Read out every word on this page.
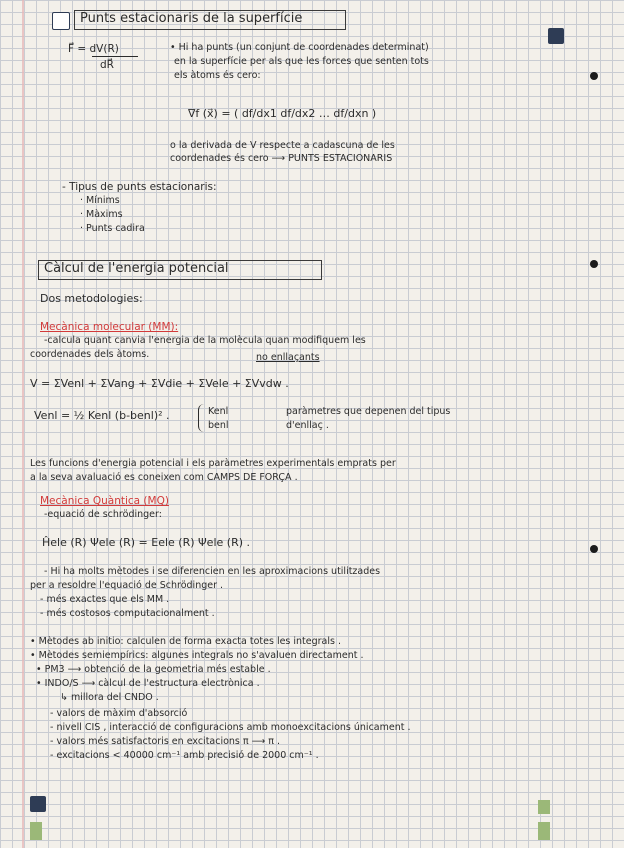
Punts estacionaris de la superfície
F⃗ = dV(R)
dR⃗
• Hi ha punts (un conjunt de coordenades determinat)
en la superfície per als que les forces que senten tots
els àtoms és cero:
∇f (x⃗) = ( df/dx1 df/dx2 … df/dxn )
o la derivada de V respecte a cadascuna de les
coordenades és cero ⟶ PUNTS ESTACIONARIS
- Tipus de punts estacionaris:
· Mínims
· Màxims
· Punts cadira
Càlcul de l'energia potencial
Dos metodologies:
Mecànica molecular (MM):
-calcula quant canvia l'energia de la molècula quan modifiquem les
coordenades dels àtoms.	no enllaçants
V = ΣVenl + ΣVang + ΣVdie + ΣVele + ΣVvdw .
Venl = ½ Kenl (b-benl)² .	Kenl
benl
paràmetres que depenen del tipus
d'enllaç .
Les funcions d'energia potencial i els paràmetres experimentals emprats per
a la seva avaluació es coneixen com CAMPS DE FORÇA .
Mecànica Quàntica (MQ)
-equació de schrödinger:
Ĥele (R) Ψele (R) = Eele (R) Ψele (R) .
- Hi ha molts mètodes i se diferencien en les aproximacions utilitzades
per a resoldre l'equació de Schrödinger .
- més exactes que els MM .
- més costosos computacionalment .
• Mètodes ab initio: calculen de forma exacta totes les integrals .
• Mètodes semiempírics: algunes integrals no s'avaluen directament .
• PM3 ⟶ obtenció de la geometria més estable .
• INDO/S ⟶ càlcul de l'estructura electrònica .
↳ millora del CNDO .
- valors de màxim d'absorció
- nivell CIS , interacció de configuracions amb monoexcitacions únicament .
- valors més satisfactoris en excitacions π ⟶ π .
- excitacions < 40000 cm⁻¹ amb precisió de 2000 cm⁻¹ .
